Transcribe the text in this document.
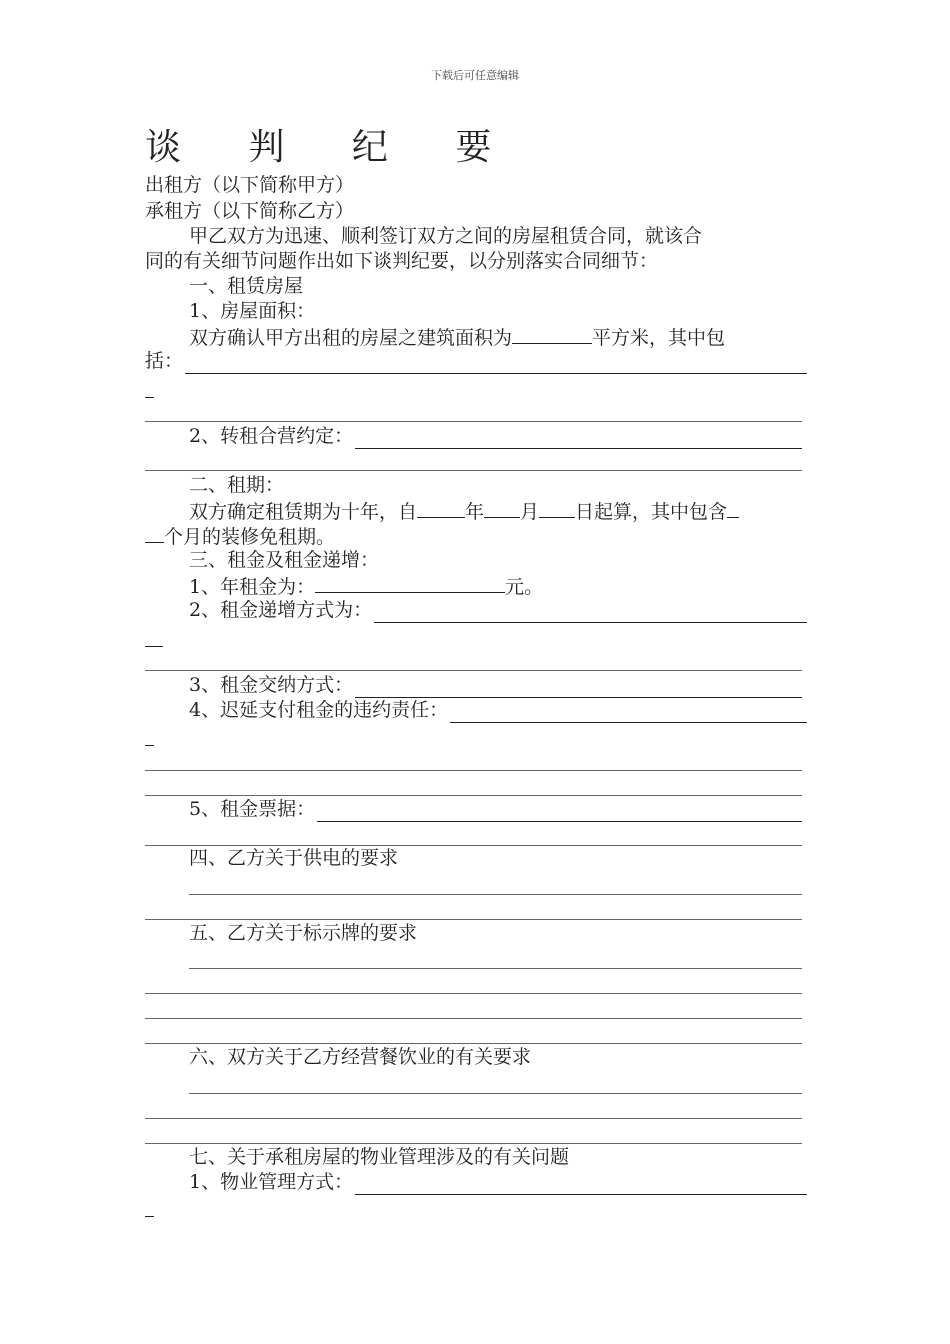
下载后可任意编辑
谈 判 纪 要
出租方（以下简称甲方）
承租方（以下简称乙方）
甲乙双方为迅速、顺利签订双方之间的房屋租赁合同，就该合
同的有关细节问题作出如下谈判纪要，以分别落实合同细节：
一、租赁房屋
1、房屋面积：
双方确认甲方出租的房屋之建筑面积为	平方米，其中包
括：
2、转租合营约定：
二、租期：
双方确定租赁期为十年，自	年 月 日起算，其中包含
个月的装修免租期。
三、租金及租金递增：
1、年租金为：	元。
2、租金递增方式为：
3、租金交纳方式：
4、迟延支付租金的违约责任：
5、租金票据：
四、乙方关于供电的要求
五、乙方关于标示牌的要求
六、双方关于乙方经营餐饮业的有关要求
七、关于承租房屋的物业管理涉及的有关问题
1、物业管理方式：
